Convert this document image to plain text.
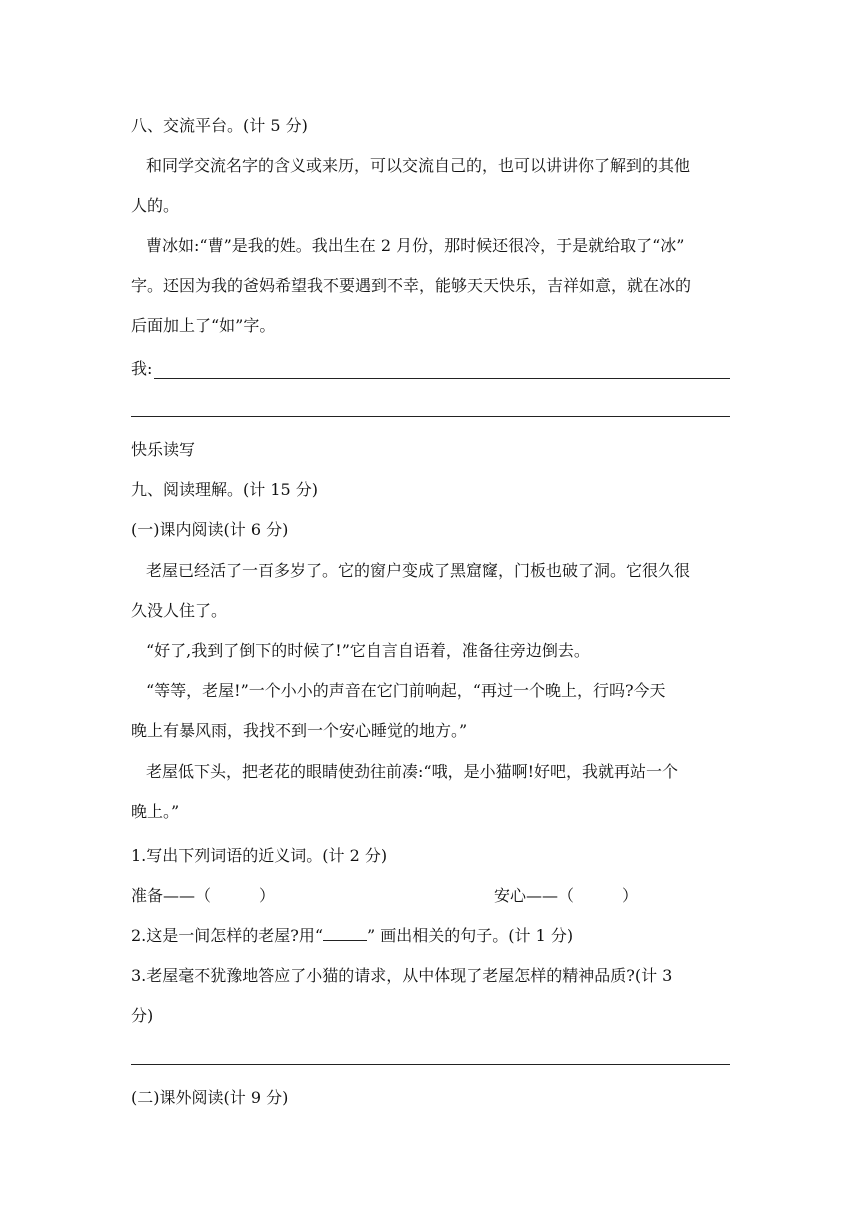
八、交流平台。(计 5 分)
和同学交流名字的含义或来历，可以交流自己的，也可以讲讲你了解到的其他
人的。
曹冰如:“曹”是我的姓。我出生在 2 月份，那时候还很冷，于是就给取了“冰”
字。还因为我的爸妈希望我不要遇到不幸，能够天天快乐，吉祥如意，就在冰的
后面加上了“如”字。
我:
快乐读写
九、阅读理解。(计 15 分)
(一)课内阅读(计 6 分)
老屋已经活了一百多岁了。它的窗户变成了黑窟窿，门板也破了洞。它很久很
久没人住了。
“好了,我到了倒下的时候了!”它自言自语着，准备往旁边倒去。
“等等，老屋!”一个小小的声音在它门前响起，“再过一个晚上，行吗?今天
晚上有暴风雨，我找不到一个安心睡觉的地方。”
老屋低下头，把老花的眼睛使劲往前凑:“哦，是小猫啊!好吧，我就再站一个
晚上。”
1.写出下列词语的近义词。(计 2 分)
准备——（　　　）	安心——（　　　）
2.这是一间怎样的老屋?用“	” 画出相关的句子。(计 1 分)
3.老屋毫不犹豫地答应了小猫的请求，从中体现了老屋怎样的精神品质?(计 3
分)
(二)课外阅读(计 9 分)
